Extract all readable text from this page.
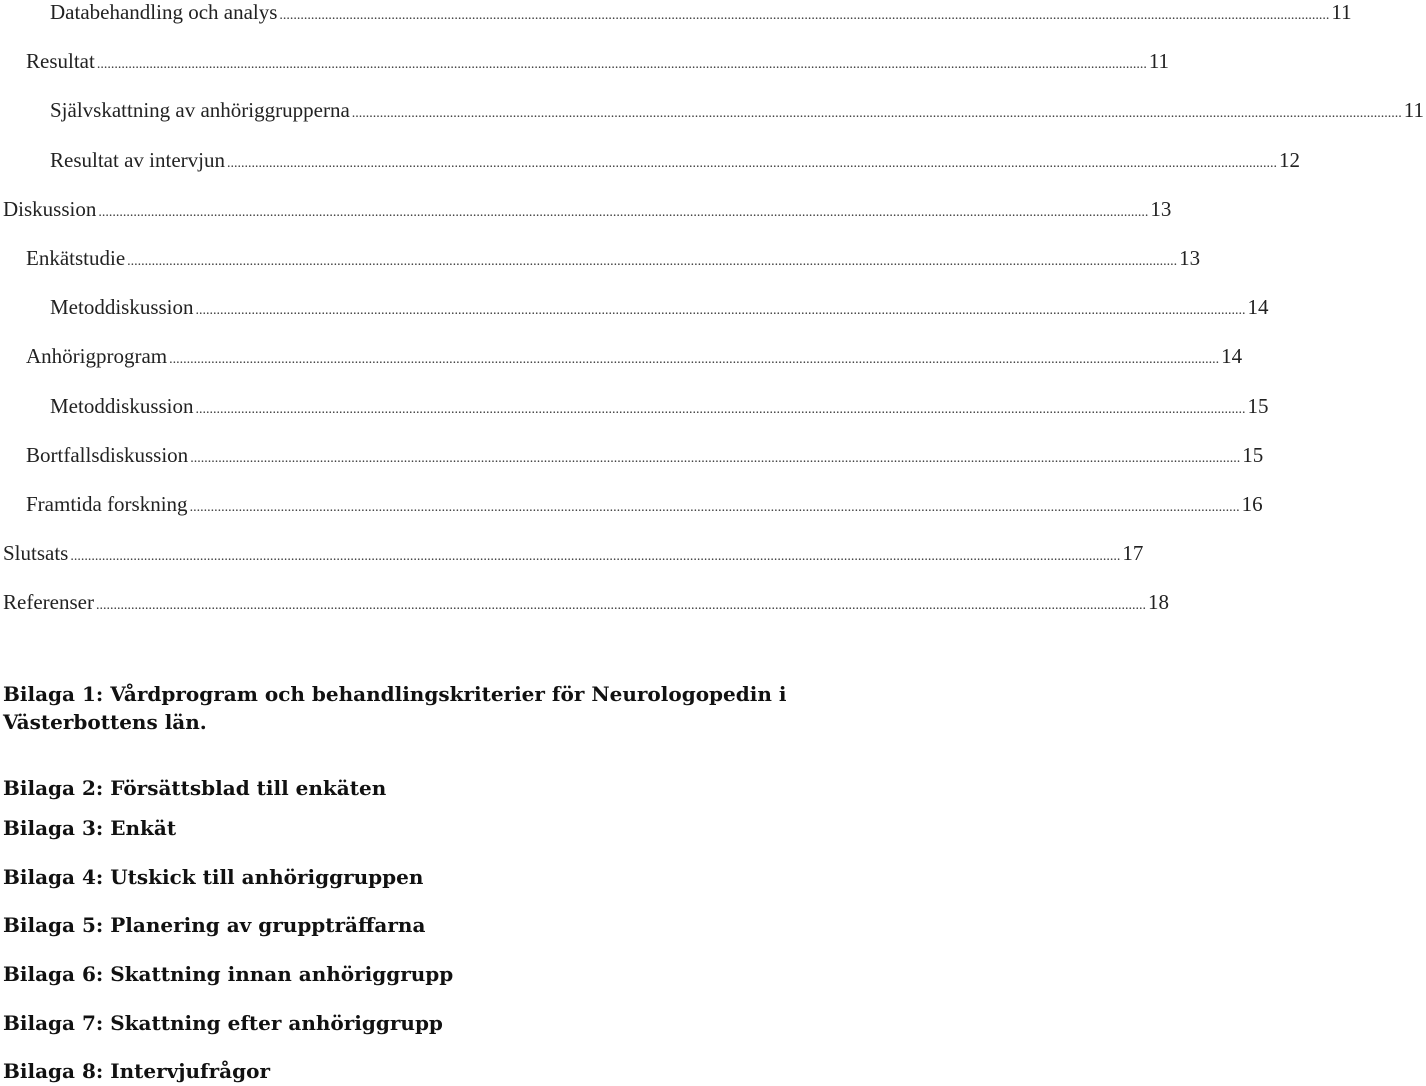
Databehandling och analys ............................................................................................................................................................................................................................................................................................................ 11
Resultat ............................................................................................................................................................................................................................................................................................................ 11
Självskattning av anhöriggrupperna ............................................................................................................................................................................................................................................................................................................ 11
Resultat av intervjun ............................................................................................................................................................................................................................................................................................................ 12
Diskussion ............................................................................................................................................................................................................................................................................................................ 13
Enkätstudie ............................................................................................................................................................................................................................................................................................................ 13
Metoddiskussion ............................................................................................................................................................................................................................................................................................................ 14
Anhörigprogram ............................................................................................................................................................................................................................................................................................................ 14
Metoddiskussion ............................................................................................................................................................................................................................................................................................................ 15
Bortfallsdiskussion ............................................................................................................................................................................................................................................................................................................ 15
Framtida forskning ............................................................................................................................................................................................................................................................................................................ 16
Slutsats ............................................................................................................................................................................................................................................................................................................ 17
Referenser ............................................................................................................................................................................................................................................................................................................ 18

Bilaga 1: Vårdprogram och behandlingskriterier för Neurologopedin i Västerbottens län.

Bilaga 2: Försättsblad till enkäten

Bilaga 3: Enkät

Bilaga 4: Utskick till anhöriggruppen

Bilaga 5: Planering av gruppträffarna

Bilaga 6: Skattning innan anhöriggrupp

Bilaga 7: Skattning efter anhöriggrupp

Bilaga 8: Intervjufrågor
